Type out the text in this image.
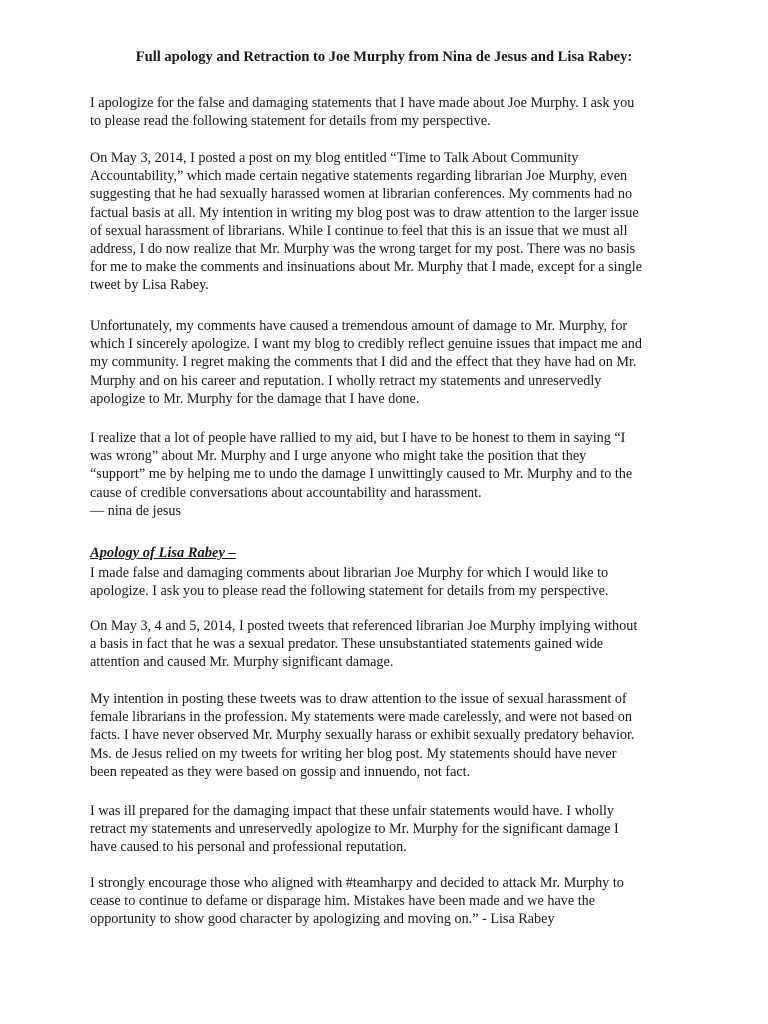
Full apology and Retraction to Joe Murphy from Nina de Jesus and Lisa Rabey:

I apologize for the false and damaging statements that I have made about Joe Murphy. I ask you
to please read the following statement for details from my perspective.

On May 3, 2014, I posted a post on my blog entitled “Time to Talk About Community
Accountability,” which made certain negative statements regarding librarian Joe Murphy, even
suggesting that he had sexually harassed women at librarian conferences. My comments had no
factual basis at all. My intention in writing my blog post was to draw attention to the larger issue
of sexual harassment of librarians. While I continue to feel that this is an issue that we must all
address, I do now realize that Mr. Murphy was the wrong target for my post. There was no basis
for me to make the comments and insinuations about Mr. Murphy that I made, except for a single
tweet by Lisa Rabey.

Unfortunately, my comments have caused a tremendous amount of damage to Mr. Murphy, for
which I sincerely apologize. I want my blog to credibly reflect genuine issues that impact me and
my community. I regret making the comments that I did and the effect that they have had on Mr.
Murphy and on his career and reputation. I wholly retract my statements and unreservedly
apologize to Mr. Murphy for the damage that I have done.

I realize that a lot of people have rallied to my aid, but I have to be honest to them in saying “I
was wrong” about Mr. Murphy and I urge anyone who might take the position that they
“support” me by helping me to undo the damage I unwittingly caused to Mr. Murphy and to the
cause of credible conversations about accountability and harassment.
— nina de jesus

Apology of Lisa Rabey –

I made false and damaging comments about librarian Joe Murphy for which I would like to
apologize. I ask you to please read the following statement for details from my perspective.

On May 3, 4 and 5, 2014, I posted tweets that referenced librarian Joe Murphy implying without
a basis in fact that he was a sexual predator. These unsubstantiated statements gained wide
attention and caused Mr. Murphy significant damage.

My intention in posting these tweets was to draw attention to the issue of sexual harassment of
female librarians in the profession. My statements were made carelessly, and were not based on
facts. I have never observed Mr. Murphy sexually harass or exhibit sexually predatory behavior.
Ms. de Jesus relied on my tweets for writing her blog post. My statements should have never
been repeated as they were based on gossip and innuendo, not fact.

I was ill prepared for the damaging impact that these unfair statements would have. I wholly
retract my statements and unreservedly apologize to Mr. Murphy for the significant damage I
have caused to his personal and professional reputation.

I strongly encourage those who aligned with #teamharpy and decided to attack Mr. Murphy to
cease to continue to defame or disparage him. Mistakes have been made and we have the
opportunity to show good character by apologizing and moving on.” - Lisa Rabey
